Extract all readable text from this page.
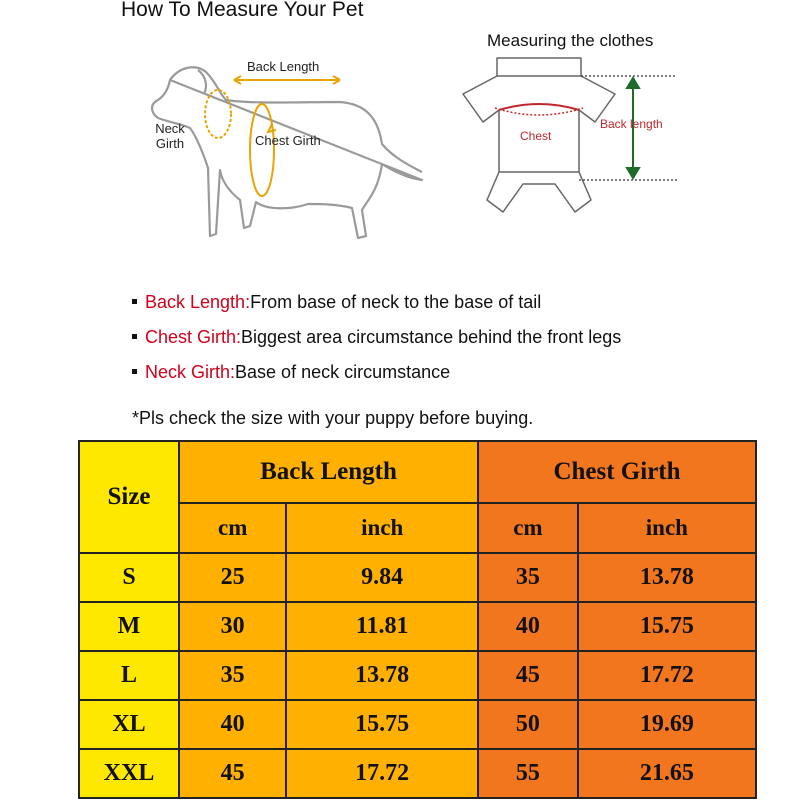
How To Measure Your Pet
Measuring the clothes
Back Length
Neck
Girth	Chest Girth	Chest
Back length
Back Length:From base of neck to the base of tail
Chest Girth:Biggest area circumstance behind the front legs
Neck Girth:Base of neck circumstance
*Pls check the size with your puppy before buying.
Size	Back Length		Chest Girth	
	cm	inch	cm	inch
S	25	9.84	35	13.78
M	30	11.81	40	15.75
L	35	13.78	45	17.72
XL	40	15.75	50	19.69
XXL	45	17.72	55	21.65
